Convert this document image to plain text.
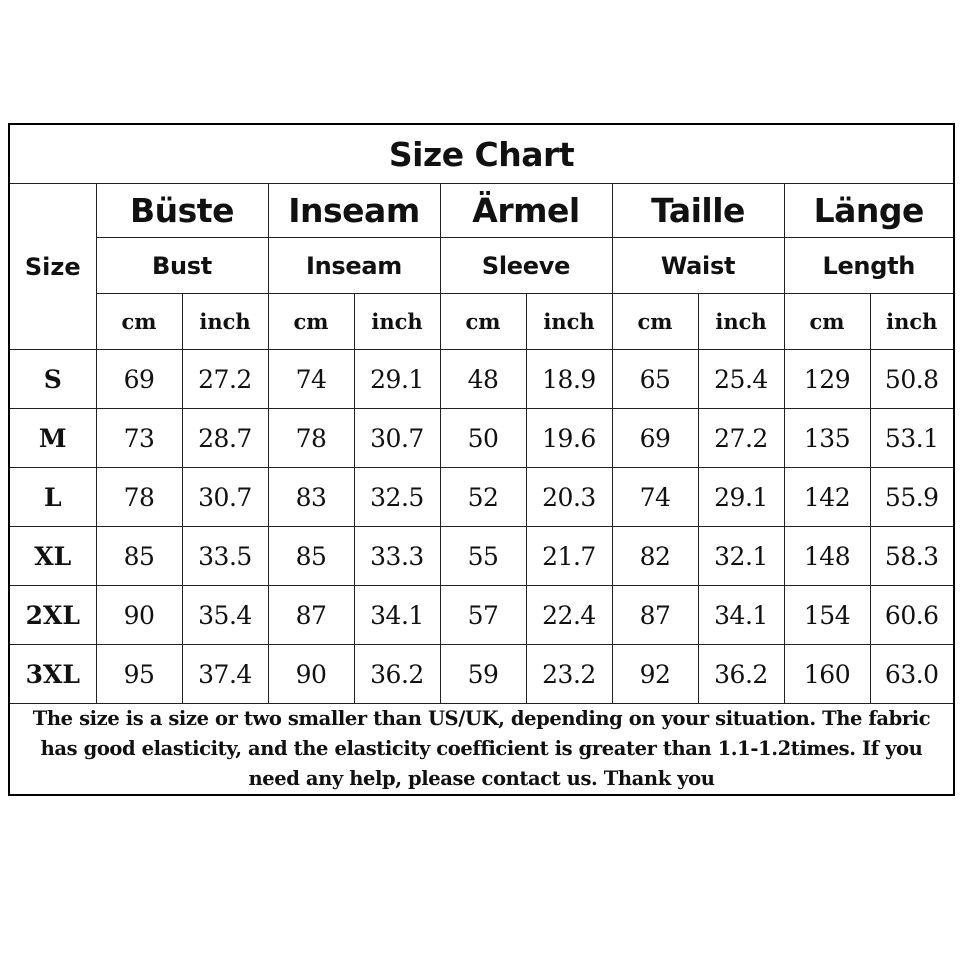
Size Chart										
Size	Büste		Inseam		Ärmel		Taille		Länge	
	Bust		Inseam		Sleeve		Waist		Length	
	cm	inch	cm	inch	cm	inch	cm	inch	cm	inch
S	69	27.2	74	29.1	48	18.9	65	25.4	129	50.8
M	73	28.7	78	30.7	50	19.6	69	27.2	135	53.1
L	78	30.7	83	32.5	52	20.3	74	29.1	142	55.9
XL	85	33.5	85	33.3	55	21.7	82	32.1	148	58.3
2XL	90	35.4	87	34.1	57	22.4	87	34.1	154	60.6
3XL	95	37.4	90	36.2	59	23.2	92	36.2	160	63.0
The size is a size or two smaller than US/UK, depending on your situation. The fabric has good elasticity, and the elasticity coefficient is greater than 1.1-1.2times. If you need any help, please contact us. Thank you										
